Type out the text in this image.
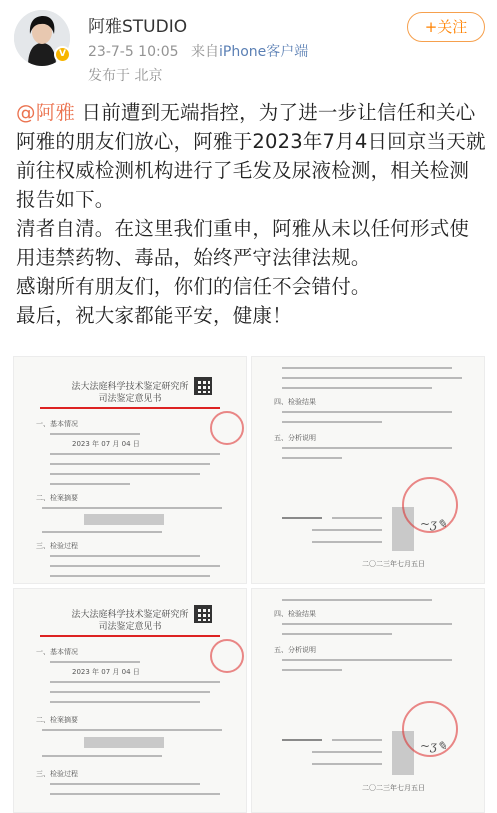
V
阿雅STUDIO
23-7-5 10:05 来自iPhone客户端
发布于 北京
+关注

@阿雅 日前遭到无端指控，为了进一步让信任和关心阿雅的朋友们放心，阿雅于2023年7月4日回京当天就前往权威检测机构进行了毛发及尿液检测，相关检测报告如下。

清者自清。在这里我们重申，阿雅从未以任何形式使用违禁药物、毒品，始终严守法律法规。

感谢所有朋友们，你们的信任不会错付。

最后，祝大家都能平安，健康！

法大法庭科学技术鉴定研究所
司法鉴定意见书
一、基本情况
2023 年 07 月 04 日
二、检案摘要
三、检验过程
四、检验结果
五、分析说明
~ʒ✎
二〇二三年七月五日
法大法庭科学技术鉴定研究所
司法鉴定意见书
一、基本情况
2023 年 07 月 04 日
二、检案摘要
三、检验过程
四、检验结果
五、分析说明
~ʒ✎
二〇二三年七月五日
